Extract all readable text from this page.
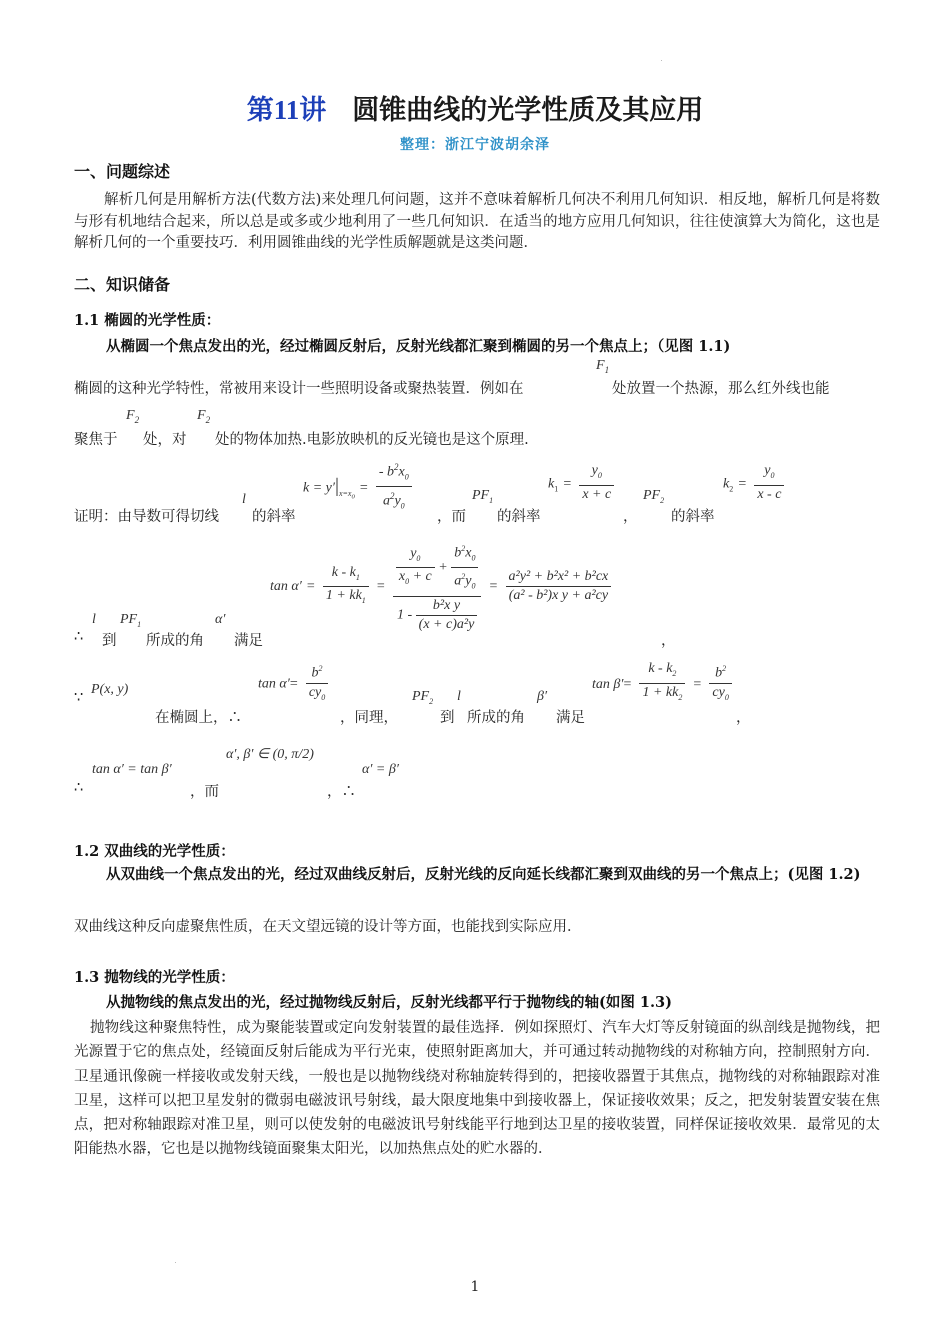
第11讲 圆锥曲线的光学性质及其应用
整理：浙江宁波胡余泽
一、问题综述
解析几何是用解析方法(代数方法)来处理几何问题，这并不意味着解析几何决不利用几何知识．相反地，解析几何是将数与形有机地结合起来，所以总是或多或少地利用了一些几何知识．在适当的地方应用几何知识，往往使演算大为简化，这也是解析几何的一个重要技巧．利用圆锥曲线的光学性质解题就是这类问题．
二、知识储备
1.1 椭圆的光学性质：
从椭圆一个焦点发出的光，经过椭圆反射后，反射光线都汇聚到椭圆的另一个焦点上；（见图 1.1)
椭圆的这种光学特性，常被用来设计一些照明设备或聚热装置．例如在
$F_1$
处放置一个热源，那么红外线也能
聚焦于
$F_2$
处，对
$F_2$
处的物体加热.电影放映机的反光镜也是这个原理.
$k = y'|_{x=x_0} = \frac{- b^2x_0}{a^2y_0}$	$k_1 = \frac{y_0}{x + c}$	$k_2 = \frac{y_0}{x - c}$
证明：由导数可得切线
l
的斜率	，而
$PF_1$
的斜率	，
$PF_2$
的斜率
$\tan \alpha' = \frac{k - k_1}{1 + kk_1} = \frac{\frac{y_0}{x_0 + c} + \frac{b^2x_0}{a^2y_0}}{1 - \frac{\text{b²x y}}{\text{(x + c)a²y}}} = \frac{\text{a²y² + b²x² + b²cx}}{\text{(a² - b²)x y + a²cy}}$
∴
l
到
$PF_1$
所成的角
α′
满足	，
∵
P(x, y)
在椭圆上，∴
$\tan \alpha'= \frac{b^2}{cy_0}$
，同理，
$PF_2$
到
l
所成的角
β′
满足
$\tan \beta'= \frac{k - k_2}{1 + kk_2} = \frac{b^2}{cy_0}$
，
∴
tan α′ = tan β′
，而
α′, β′ ∈ (0, π/2)
，∴
α′ = β′
1.2 双曲线的光学性质：
从双曲线一个焦点发出的光，经过双曲线反射后，反射光线的反向延长线都汇聚到双曲线的另一个焦点上；(见图 1.2)
双曲线这种反向虚聚焦性质，在天文望远镜的设计等方面，也能找到实际应用．
1.3 抛物线的光学性质：
从抛物线的焦点发出的光，经过抛物线反射后，反射光线都平行于抛物线的轴(如图 1.3)
抛物线这种聚焦特性，成为聚能装置或定向发射装置的最佳选择．例如探照灯、汽车大灯等反射镜面的纵剖线是抛物线，把光源置于它的焦点处，经镜面反射后能成为平行光束，使照射距离加大，并可通过转动抛物线的对称轴方向，控制照射方向．卫星通讯像碗一样接收或发射天线，一般也是以抛物线绕对称轴旋转得到的，把接收器置于其焦点，抛物线的对称轴跟踪对准卫星，这样可以把卫星发射的微弱电磁波讯号射线，最大限度地集中到接收器上，保证接收效果；反之，把发射装置安装在焦点，把对称轴跟踪对准卫星，则可以使发射的电磁波讯号射线能平行地到达卫星的接收装置，同样保证接收效果．最常见的太阳能热水器，它也是以抛物线镜面聚集太阳光，以加热焦点处的贮水器的．
1
